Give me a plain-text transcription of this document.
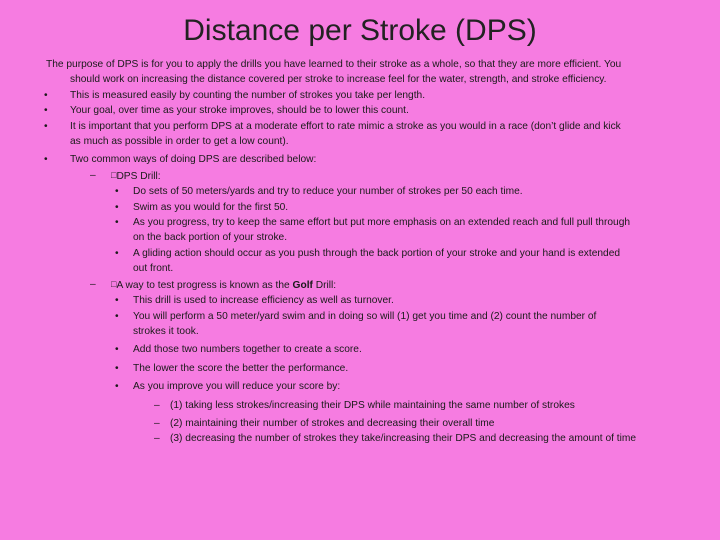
Distance per Stroke (DPS)
The purpose of DPS is for you to apply the drills you have learned to their stroke as a whole, so that they are more efficient. You
should work on increasing the distance covered per stroke to increase feel for the water, strength, and stroke efficiency.
• This is measured easily by counting the number of strokes you take per length.
• Your goal, over time as your stroke improves, should be to lower this count.
• It is important that you perform DPS at a moderate effort to rate mimic a stroke as you would in a race (don’t glide and kick
as much as possible in order to get a low count).
• Two common ways of doing DPS are described below:
– □DPS Drill:
• Do sets of 50 meters/yards and try to reduce your number of strokes per 50 each time.
• Swim as you would for the first 50.
• As you progress, try to keep the same effort but put more emphasis on an extended reach and full pull through
on the back portion of your stroke.
• A gliding action should occur as you push through the back portion of your stroke and your hand is extended
out front.
– □A way to test progress is known as the Golf Drill:
• This drill is used to increase efficiency as well as turnover.
• You will perform a 50 meter/yard swim and in doing so will (1) get you time and (2) count the number of
strokes it took.
• Add those two numbers together to create a score.
• The lower the score the better the performance.
• As you improve you will reduce your score by:
– (1) taking less strokes/increasing their DPS while maintaining the same number of strokes
– (2) maintaining their number of strokes and decreasing their overall time
– (3) decreasing the number of strokes they take/increasing their DPS and decreasing the amount of time
